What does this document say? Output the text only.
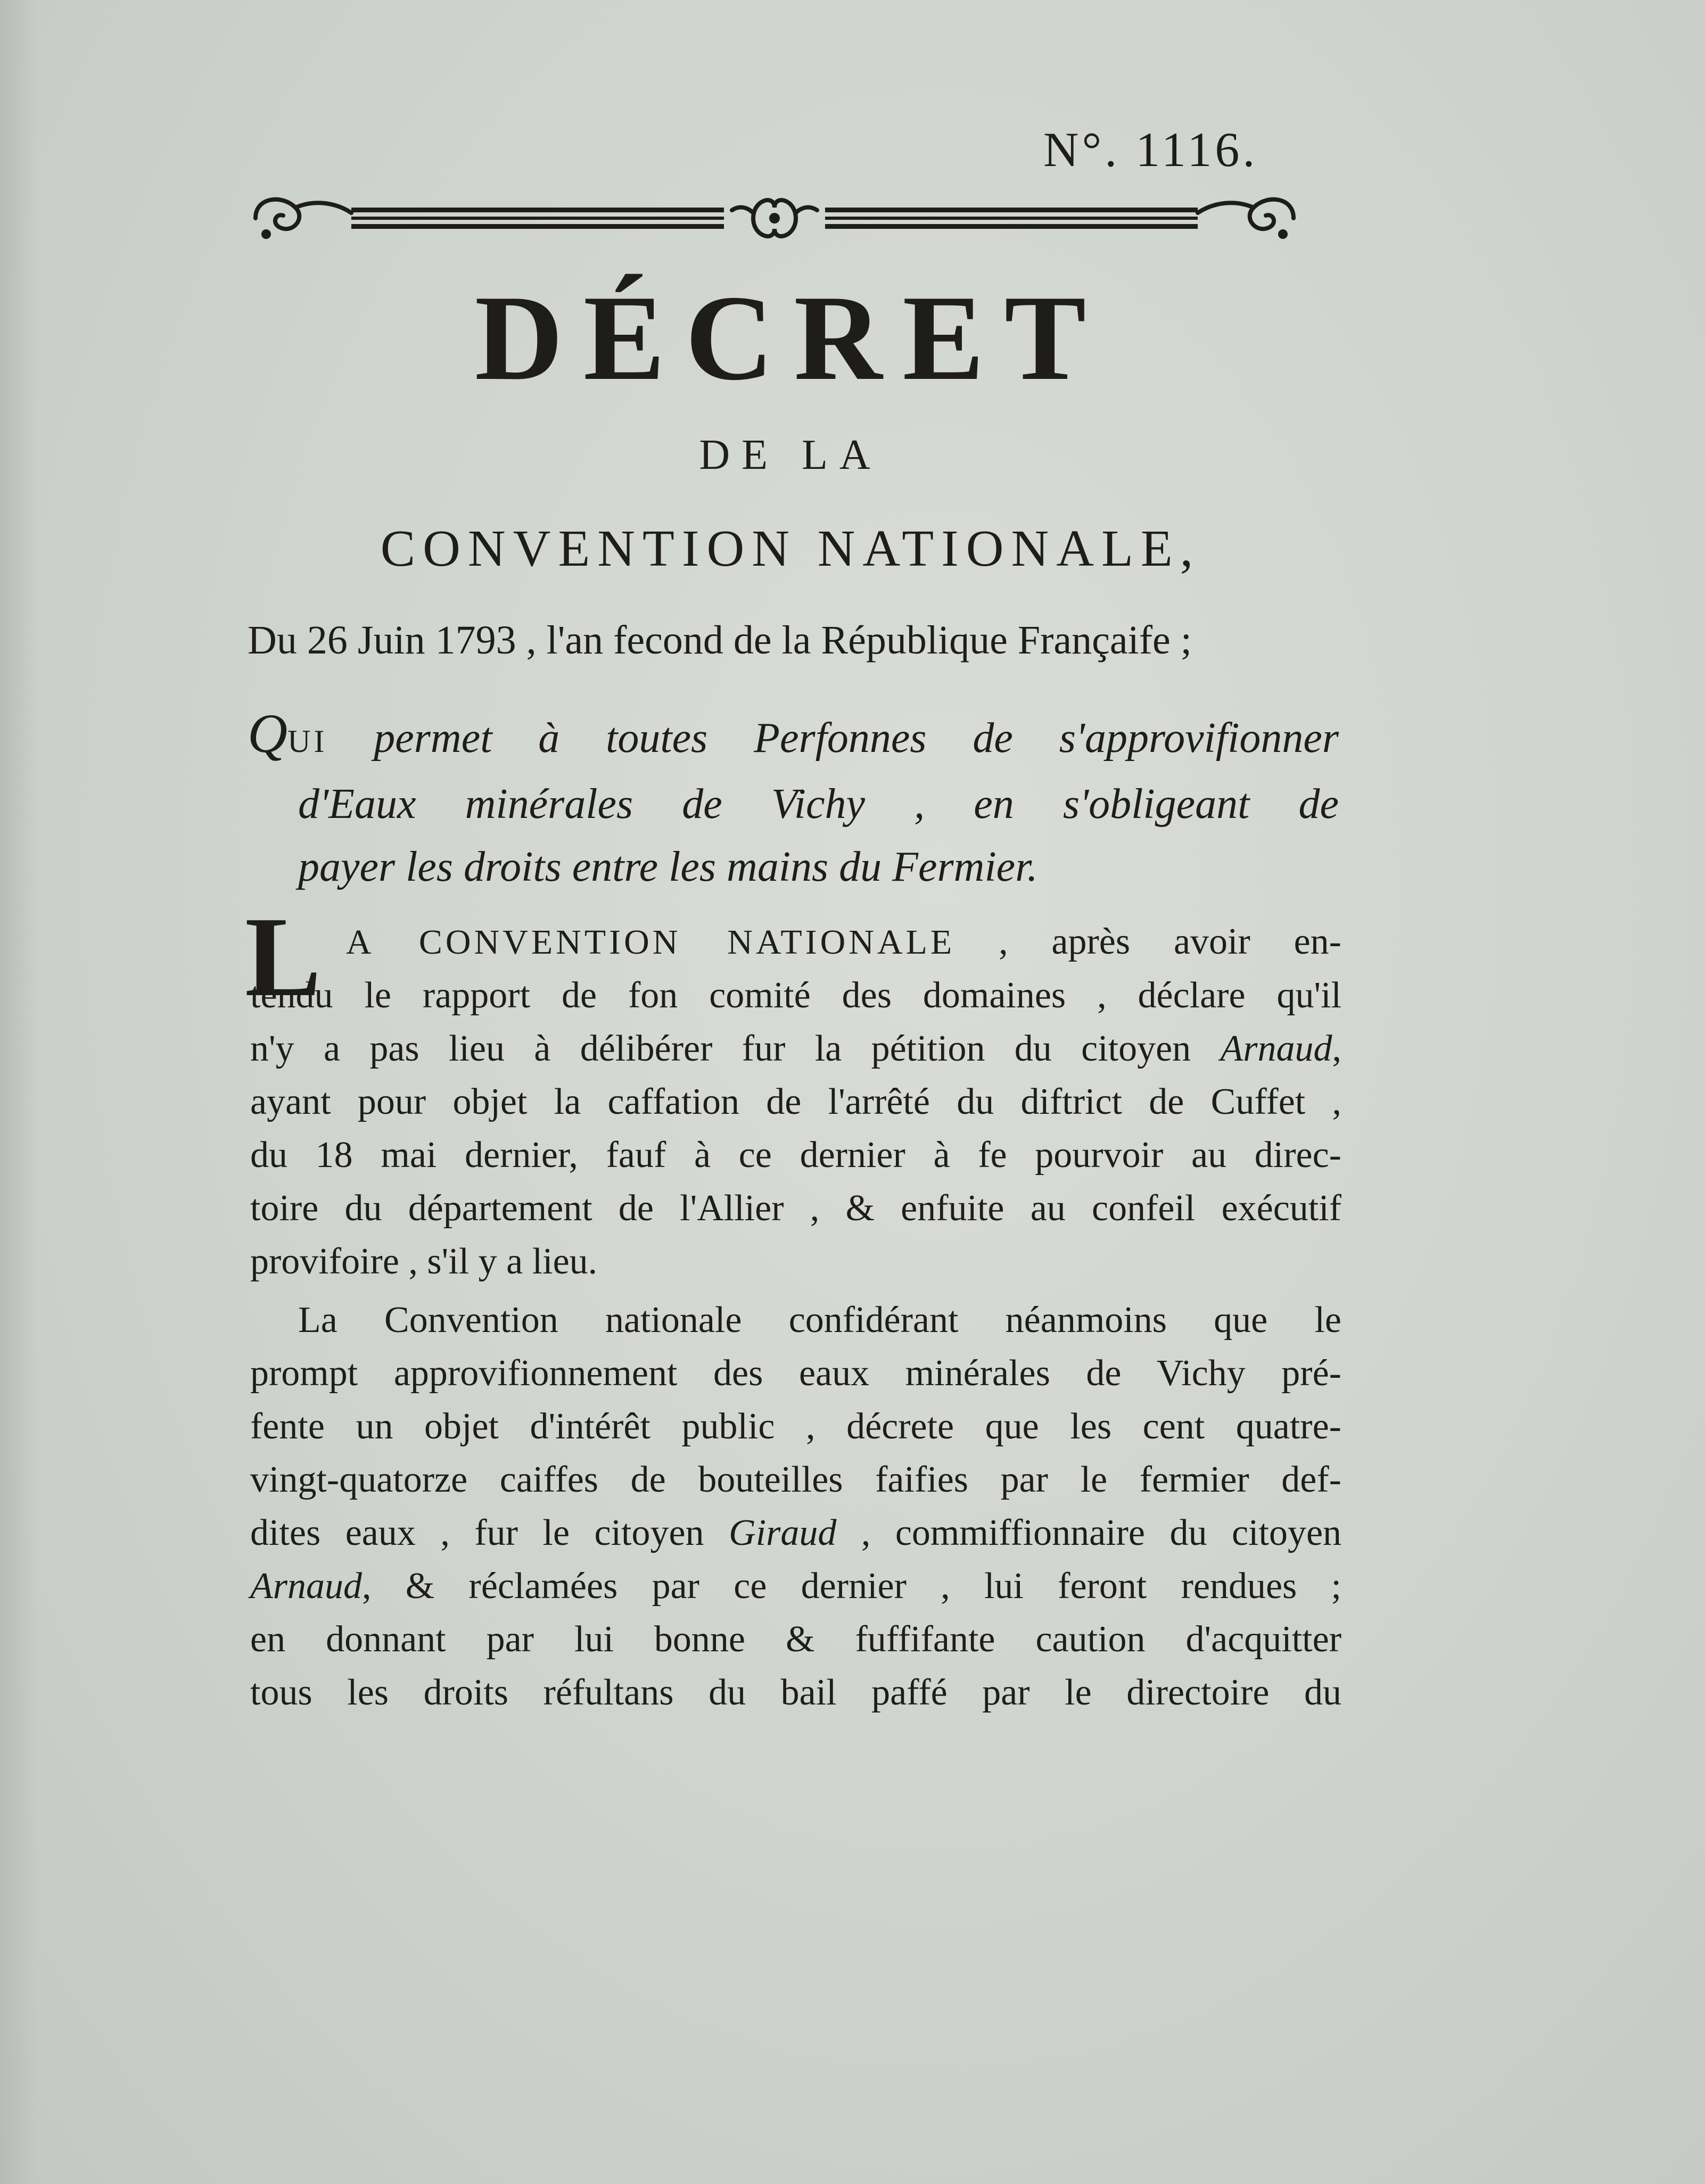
N°. 1116.
DÉCRET
DE LA
CONVENTION NATIONALE,
Du 26 Juin 1793 , l'an fecond de la République Françaife ;
QUI permet à toutes Perfonnes de s'approvifionner
d'Eaux minérales de Vichy , en s'obligeant de
payer les droits entre les mains du Fermier.
L A CONVENTION NATIONALE , après avoir en-
tendu le rapport de fon comité des domaines , déclare qu'il
n'y a pas lieu à délibérer fur la pétition du citoyen Arnaud,
ayant pour objet la caffation de l'arrêté du diftrict de Cuffet ,
du 18 mai dernier, fauf à ce dernier à fe pourvoir au direc-
toire du département de l'Allier , & enfuite au confeil exécutif
provifoire , s'il y a lieu.
La Convention nationale confidérant néanmoins que le
prompt approvifionnement des eaux minérales de Vichy pré-
fente un objet d'intérêt public , décrete que les cent quatre-
vingt-quatorze caiffes de bouteilles faifies par le fermier def-
dites eaux , fur le citoyen Giraud , commiffionnaire du citoyen
Arnaud, & réclamées par ce dernier , lui feront rendues ;
en donnant par lui bonne & fuffifante caution d'acquitter
tous les droits réfultans du bail paffé par le directoire du
